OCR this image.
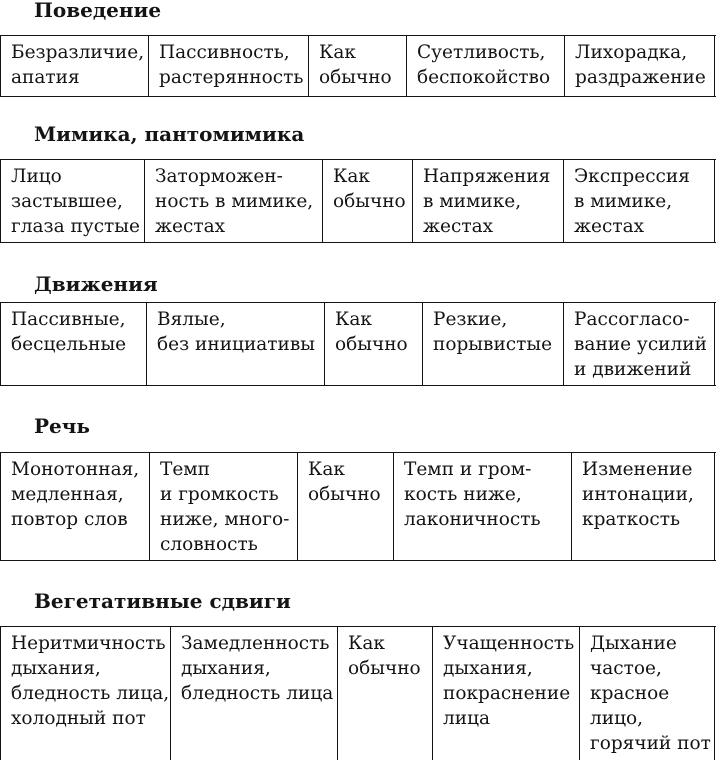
Поведение
Безразличие,
апатия
Пассивность,
растерянность
Как
обычно
Суетливость,
беспокойство
Лихорадка,
раздражение
Мимика, пантомимика
Лицо
застывшее,
глаза пустые
Заторможен-
ность в мимике,
жестах
Как
обычно
Напряжения
в мимике,
жестах
Экспрессия
в мимике,
жестах
Движения
Пассивные,
бесцельные
Вялые,
без инициативы
Как
обычно
Резкие,
порывистые
Рассогласо-
вание усилий
и движений
Речь
Монотонная,
медленная,
повтор слов
Темп
и громкость
ниже, много-
словность
Как
обычно
Темп и гром-
кость ниже,
лаконичность
Изменение
интонации,
краткость
Вегетативные сдвиги
Неритмичность
дыхания,
бледность лица,
холодный пот
Замедленность
дыхания,
бледность лица
Как
обычно
Учащенность
дыхания,
покраснение
лица
Дыхание
частое,
красное
лицо,
горячий пот
